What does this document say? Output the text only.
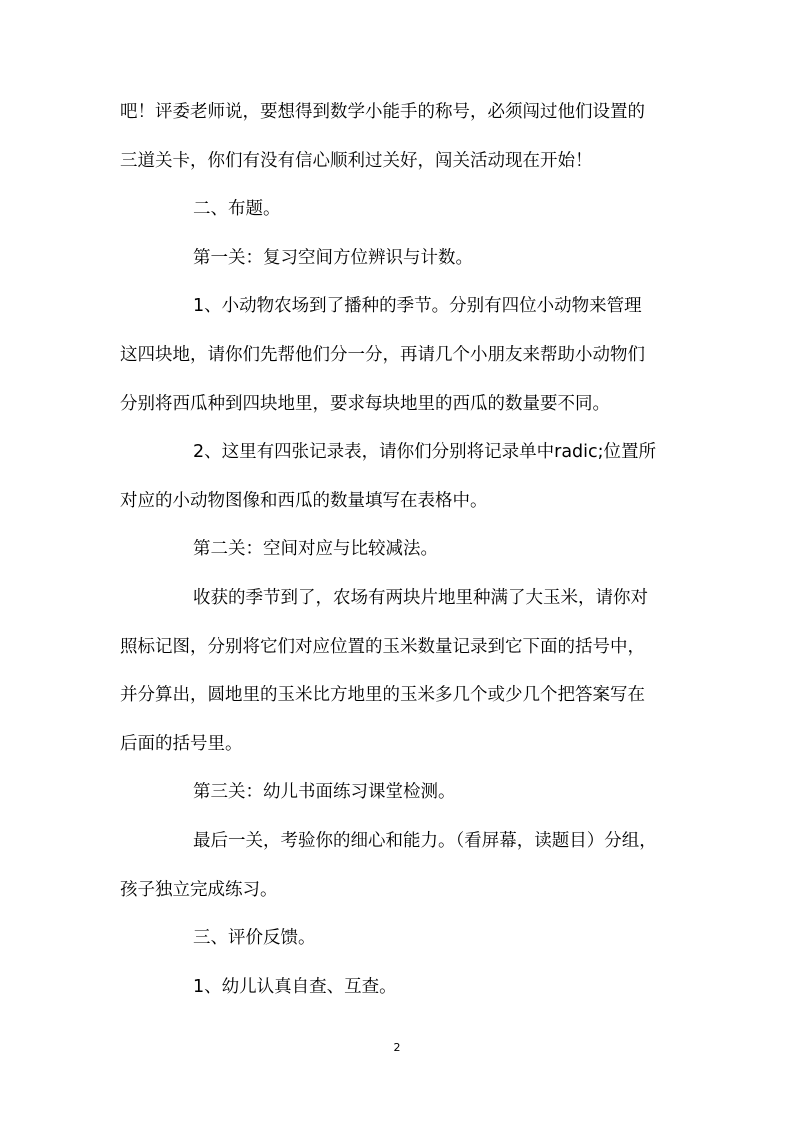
吧！评委老师说，要想得到数学小能手的称号，必须闯过他们设置的
三道关卡，你们有没有信心顺利过关好，闯关活动现在开始！
二、布题。
第一关：复习空间方位辨识与计数。
1、小动物农场到了播种的季节。分别有四位小动物来管理
这四块地，请你们先帮他们分一分，再请几个小朋友来帮助小动物们
分别将西瓜种到四块地里，要求每块地里的西瓜的数量要不同。
2、这里有四张记录表，请你们分别将记录单中radic;位置所
对应的小动物图像和西瓜的数量填写在表格中。
第二关：空间对应与比较减法。
收获的季节到了，农场有两块片地里种满了大玉米，请你对
照标记图，分别将它们对应位置的玉米数量记录到它下面的括号中，
并分算出，圆地里的玉米比方地里的玉米多几个或少几个把答案写在
后面的括号里。
第三关：幼儿书面练习课堂检测。
最后一关，考验你的细心和能力。（看屏幕，读题目）分组，
孩子独立完成练习。
三、评价反馈。
1、幼儿认真自查、互查。
2
